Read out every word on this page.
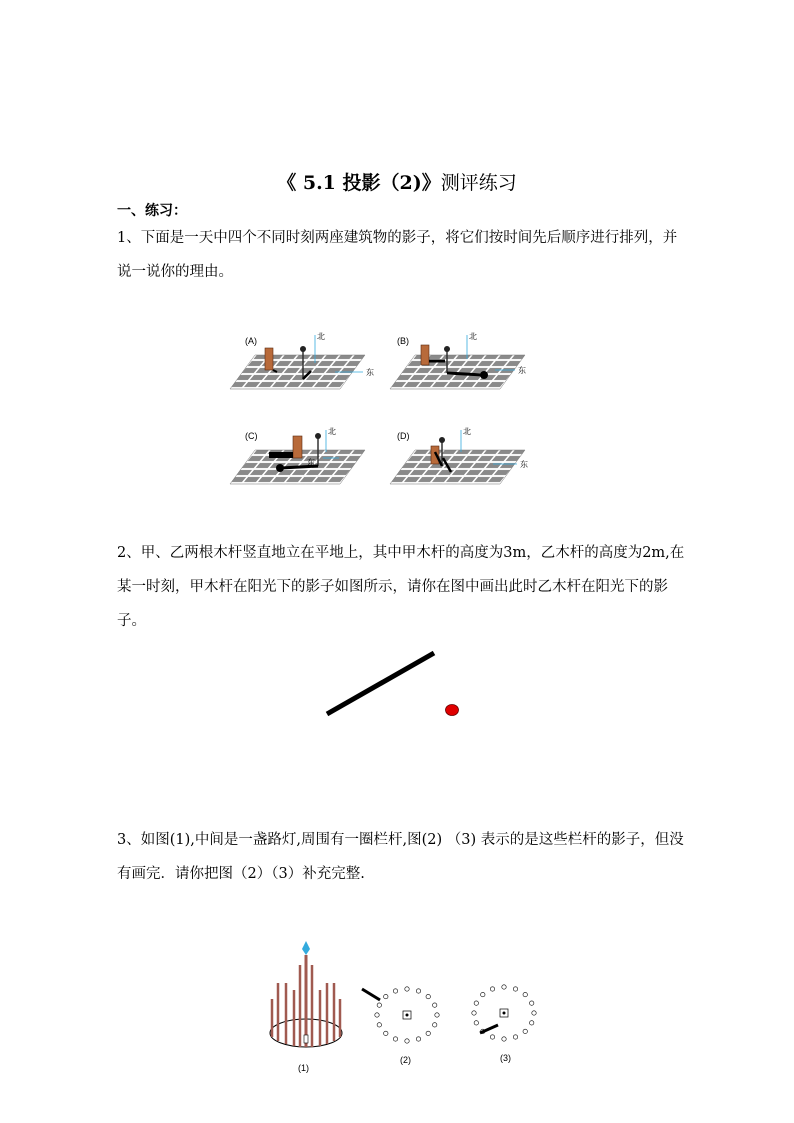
《 5.1 投影（2)》测评练习
一、练习：
1、下面是一天中四个不同时刻两座建筑物的影子，将它们按时间先后顺序进行排列，并说一说你的理由。
(A)	北
东
(B)	北
东
(C)	北
东
(D)	北
东
2、甲、乙两根木杆竖直地立在平地上，其中甲木杆的高度为3m，乙木杆的高度为2m,在某一时刻，甲木杆在阳光下的影子如图所示，请你在图中画出此时乙木杆在阳光下的影子。
3、如图(1),中间是一盏路灯,周围有一圈栏杆,图(2) （3) 表示的是这些栏杆的影子，但没有画完．请你把图（2）（3）补充完整.
(1)
(2)	(3)
